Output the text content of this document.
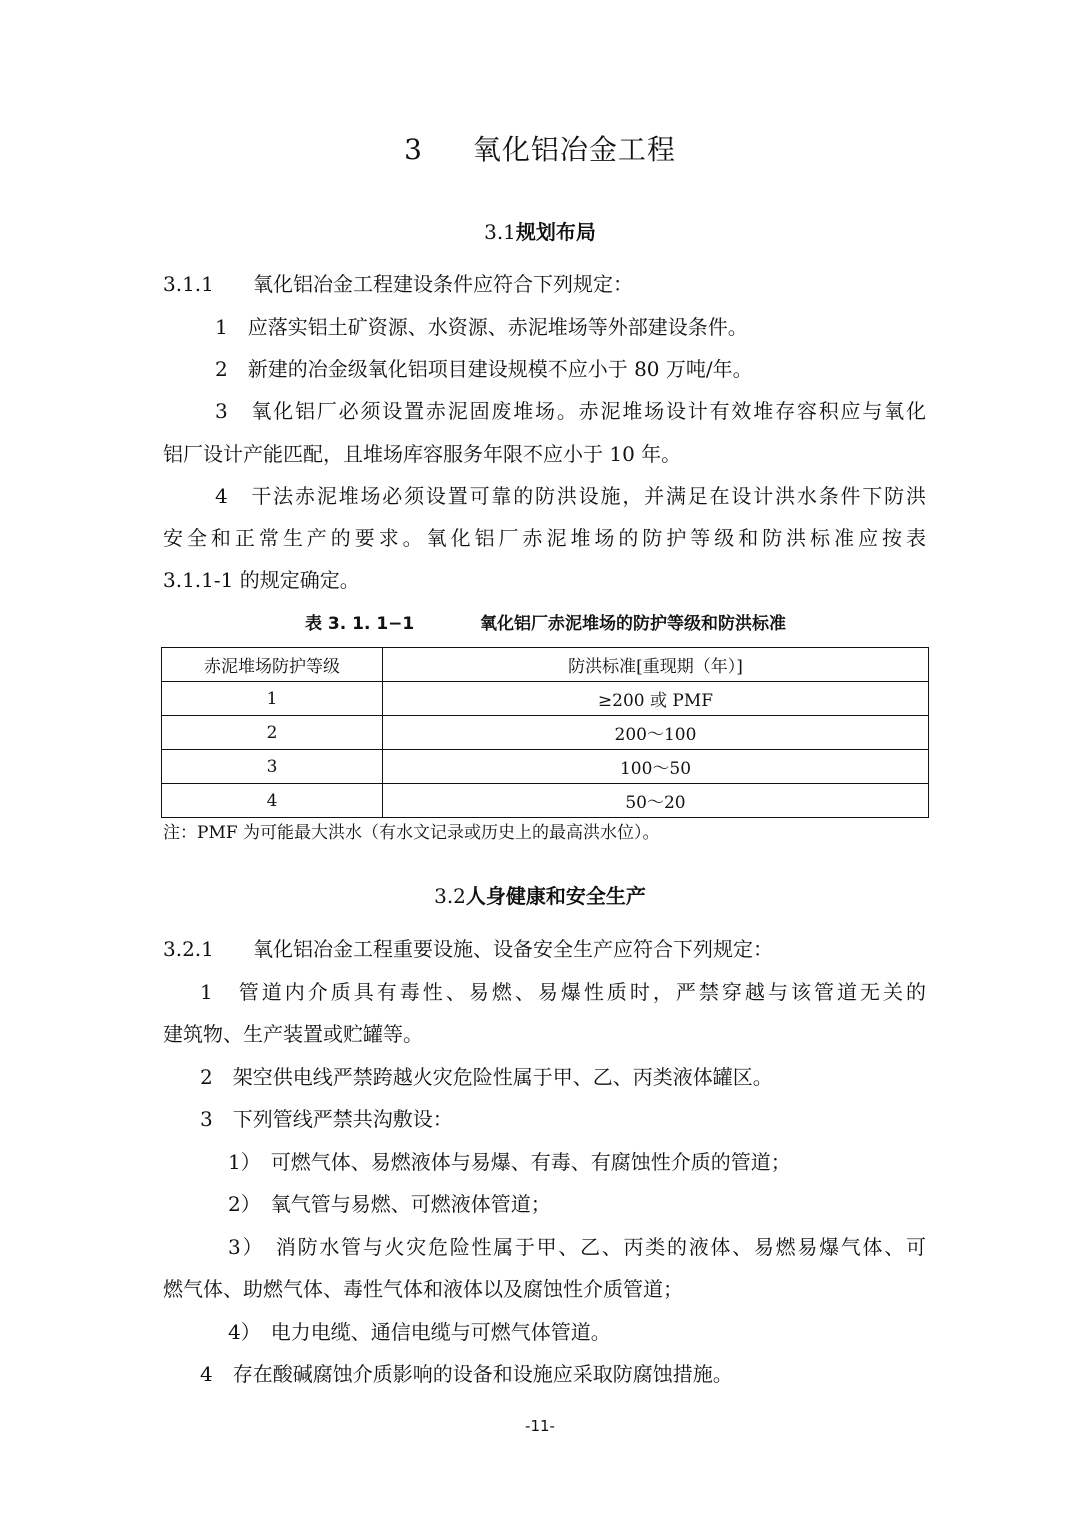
3 氧化铝冶金工程
3.1规划布局
3.1.1 氧化铝冶金工程建设条件应符合下列规定：
1　应落实铝土矿资源、水资源、赤泥堆场等外部建设条件。
2　新建的冶金级氧化铝项目建设规模不应小于 80 万吨/年。
3　氧化铝厂必须设置赤泥固废堆场。赤泥堆场设计有效堆存容积应与氧化
铝厂设计产能匹配，且堆场库容服务年限不应小于 10 年。
4　干法赤泥堆场必须设置可靠的防洪设施，并满足在设计洪水条件下防洪
安全和正常生产的要求。氧化铝厂赤泥堆场的防护等级和防洪标准应按表
3.1.1-1 的规定确定。
表 3. 1. 1−1	氧化铝厂赤泥堆场的防护等级和防洪标准
赤泥堆场防护等级	防洪标准[重现期（年）]
1	≥200 或 PMF
2	200～100
3	100～50
4	50～20
注：PMF 为可能最大洪水（有水文记录或历史上的最高洪水位）。
3.2人身健康和安全生产
3.2.1 氧化铝冶金工程重要设施、设备安全生产应符合下列规定：
1　管道内介质具有毒性、易燃、易爆性质时，严禁穿越与该管道无关的
建筑物、生产装置或贮罐等。
2　架空供电线严禁跨越火灾危险性属于甲、乙、丙类液体罐区。
3　下列管线严禁共沟敷设：
1）　可燃气体、易燃液体与易爆、有毒、有腐蚀性介质的管道；
2）　氧气管与易燃、可燃液体管道；
3）　消防水管与火灾危险性属于甲、乙、丙类的液体、易燃易爆气体、可
燃气体、助燃气体、毒性气体和液体以及腐蚀性介质管道；
4）　电力电缆、通信电缆与可燃气体管道。
4　存在酸碱腐蚀介质影响的设备和设施应采取防腐蚀措施。
-11-
